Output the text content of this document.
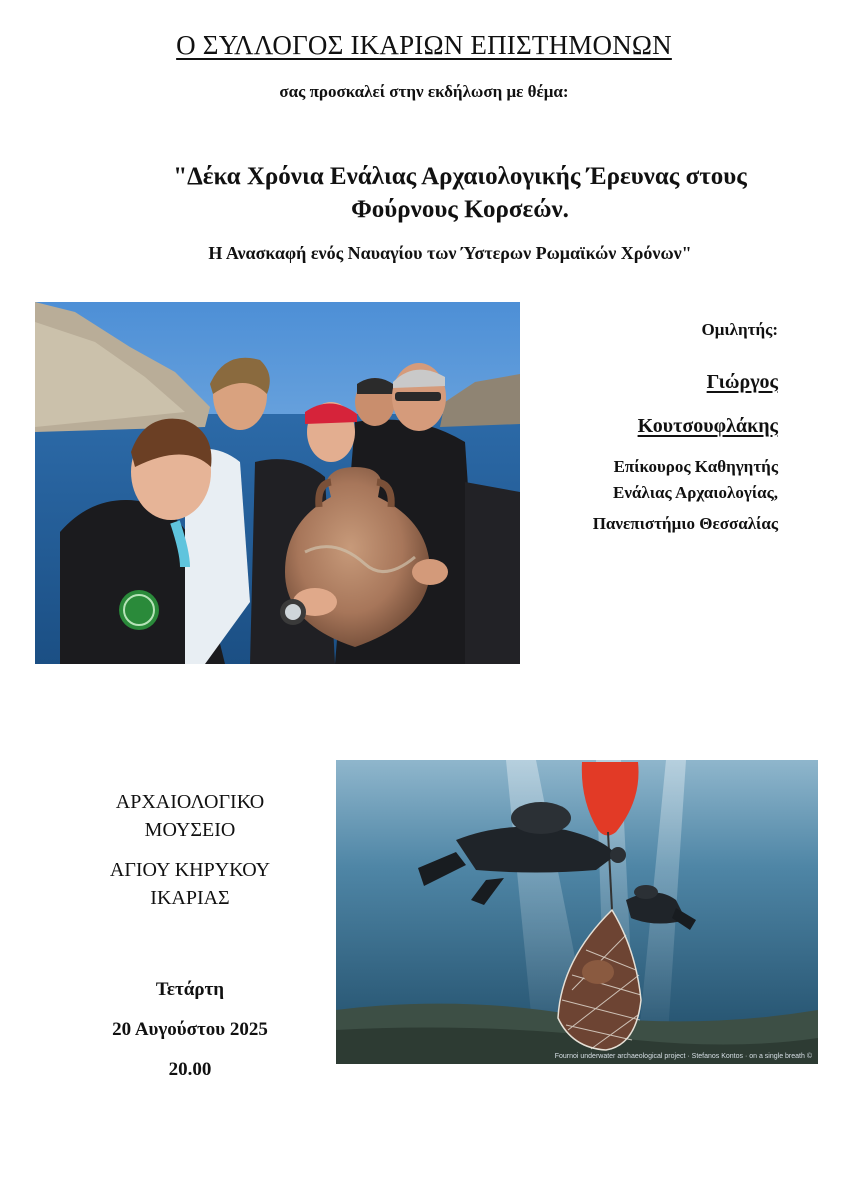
Ο ΣΥΛΛΟΓΟΣ ΙΚΑΡΙΩΝ ΕΠΙΣΤΗΜΟΝΩΝ
σας προσκαλεί στην εκδήλωση με θέμα:
"Δέκα Χρόνια Ενάλιας Αρχαιολογικής Έρευνας στους
Φούρνους Κορσεών.
Η Ανασκαφή ενός Ναυαγίου των Ύστερων Ρωμαϊκών Χρόνων"
Ομιλητής:
Γιώργος
Κουτσουφλάκης
Επίκουρος Καθηγητής
Ενάλιας Αρχαιολογίας,
Πανεπιστήμιο Θεσσαλίας
ΑΡΧΑΙΟΛΟΓΙΚΟ
ΜΟΥΣΕΙΟ
ΑΓΙΟΥ ΚΗΡΥΚΟΥ
ΙΚΑΡΙΑΣ
Τετάρτη
20 Αυγούστου 2025
20.00
Fournoi underwater archaeological project · Stefanos Kontos · on a single breath ©
